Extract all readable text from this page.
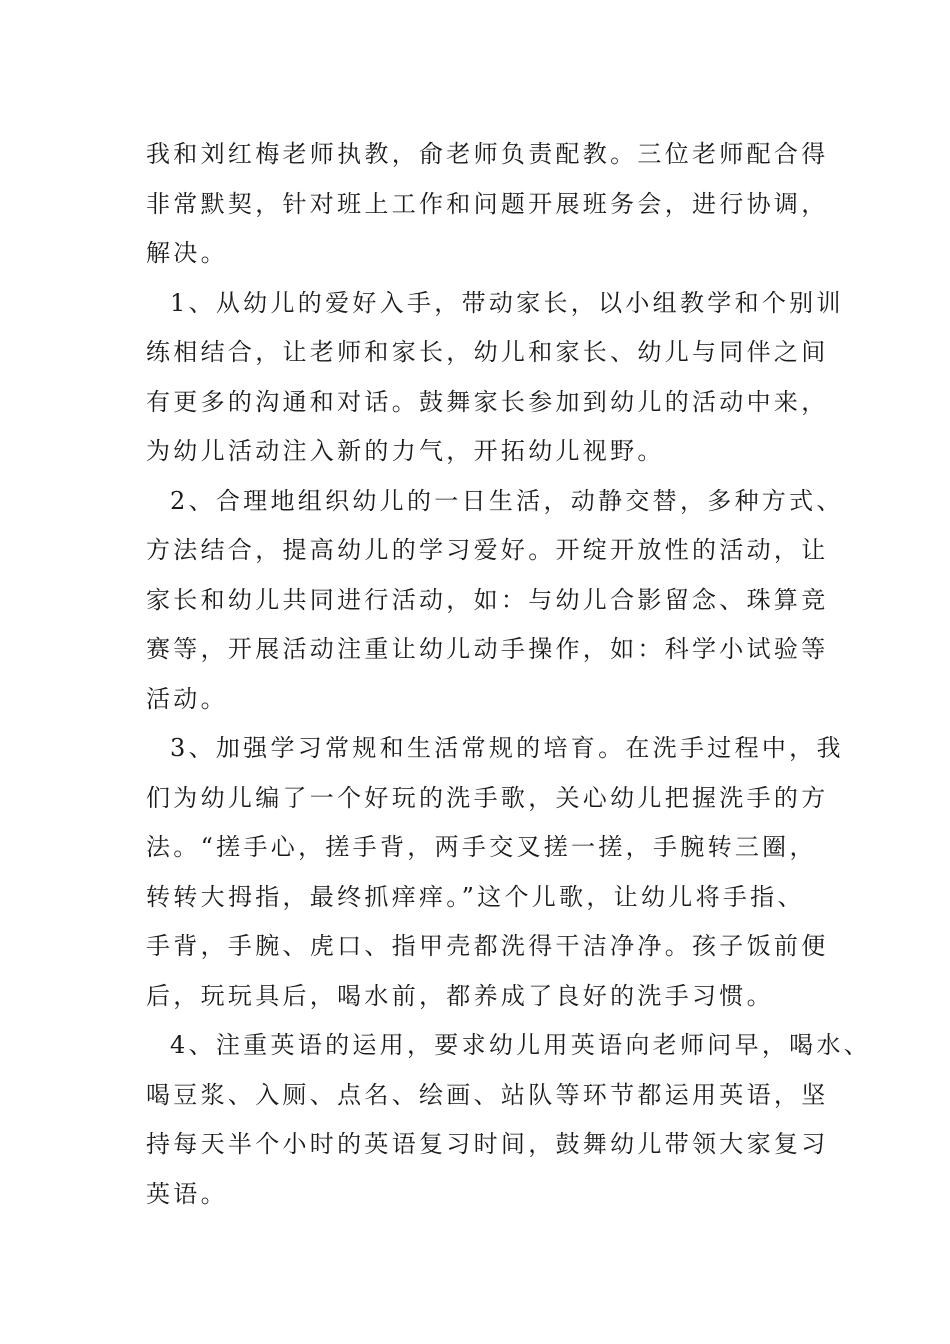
我和刘红梅老师执教，俞老师负责配教。三位老师配合得
非常默契，针对班上工作和问题开展班务会，进行协调，
解决。
1、从幼儿的爱好入手，带动家长，以小组教学和个别训
练相结合，让老师和家长，幼儿和家长、幼儿与同伴之间
有更多的沟通和对话。鼓舞家长参加到幼儿的活动中来，
为幼儿活动注入新的力气，开拓幼儿视野。
2、合理地组织幼儿的一日生活，动静交替，多种方式、
方法结合，提高幼儿的学习爱好。开绽开放性的活动，让
家长和幼儿共同进行活动，如：与幼儿合影留念、珠算竞
赛等，开展活动注重让幼儿动手操作，如：科学小试验等
活动。
3、加强学习常规和生活常规的培育。在洗手过程中，我
们为幼儿编了一个好玩的洗手歌，关心幼儿把握洗手的方
法。“搓手心，搓手背，两手交叉搓一搓，手腕转三圈，
转转大拇指，最终抓痒痒。”这个儿歌，让幼儿将手指、
手背，手腕、虎口、指甲壳都洗得干洁净净。孩子饭前便
后，玩玩具后，喝水前，都养成了良好的洗手习惯。
4、注重英语的运用，要求幼儿用英语向老师问早，喝水、
喝豆浆、入厕、点名、绘画、站队等环节都运用英语，坚
持每天半个小时的英语复习时间，鼓舞幼儿带领大家复习
英语。
